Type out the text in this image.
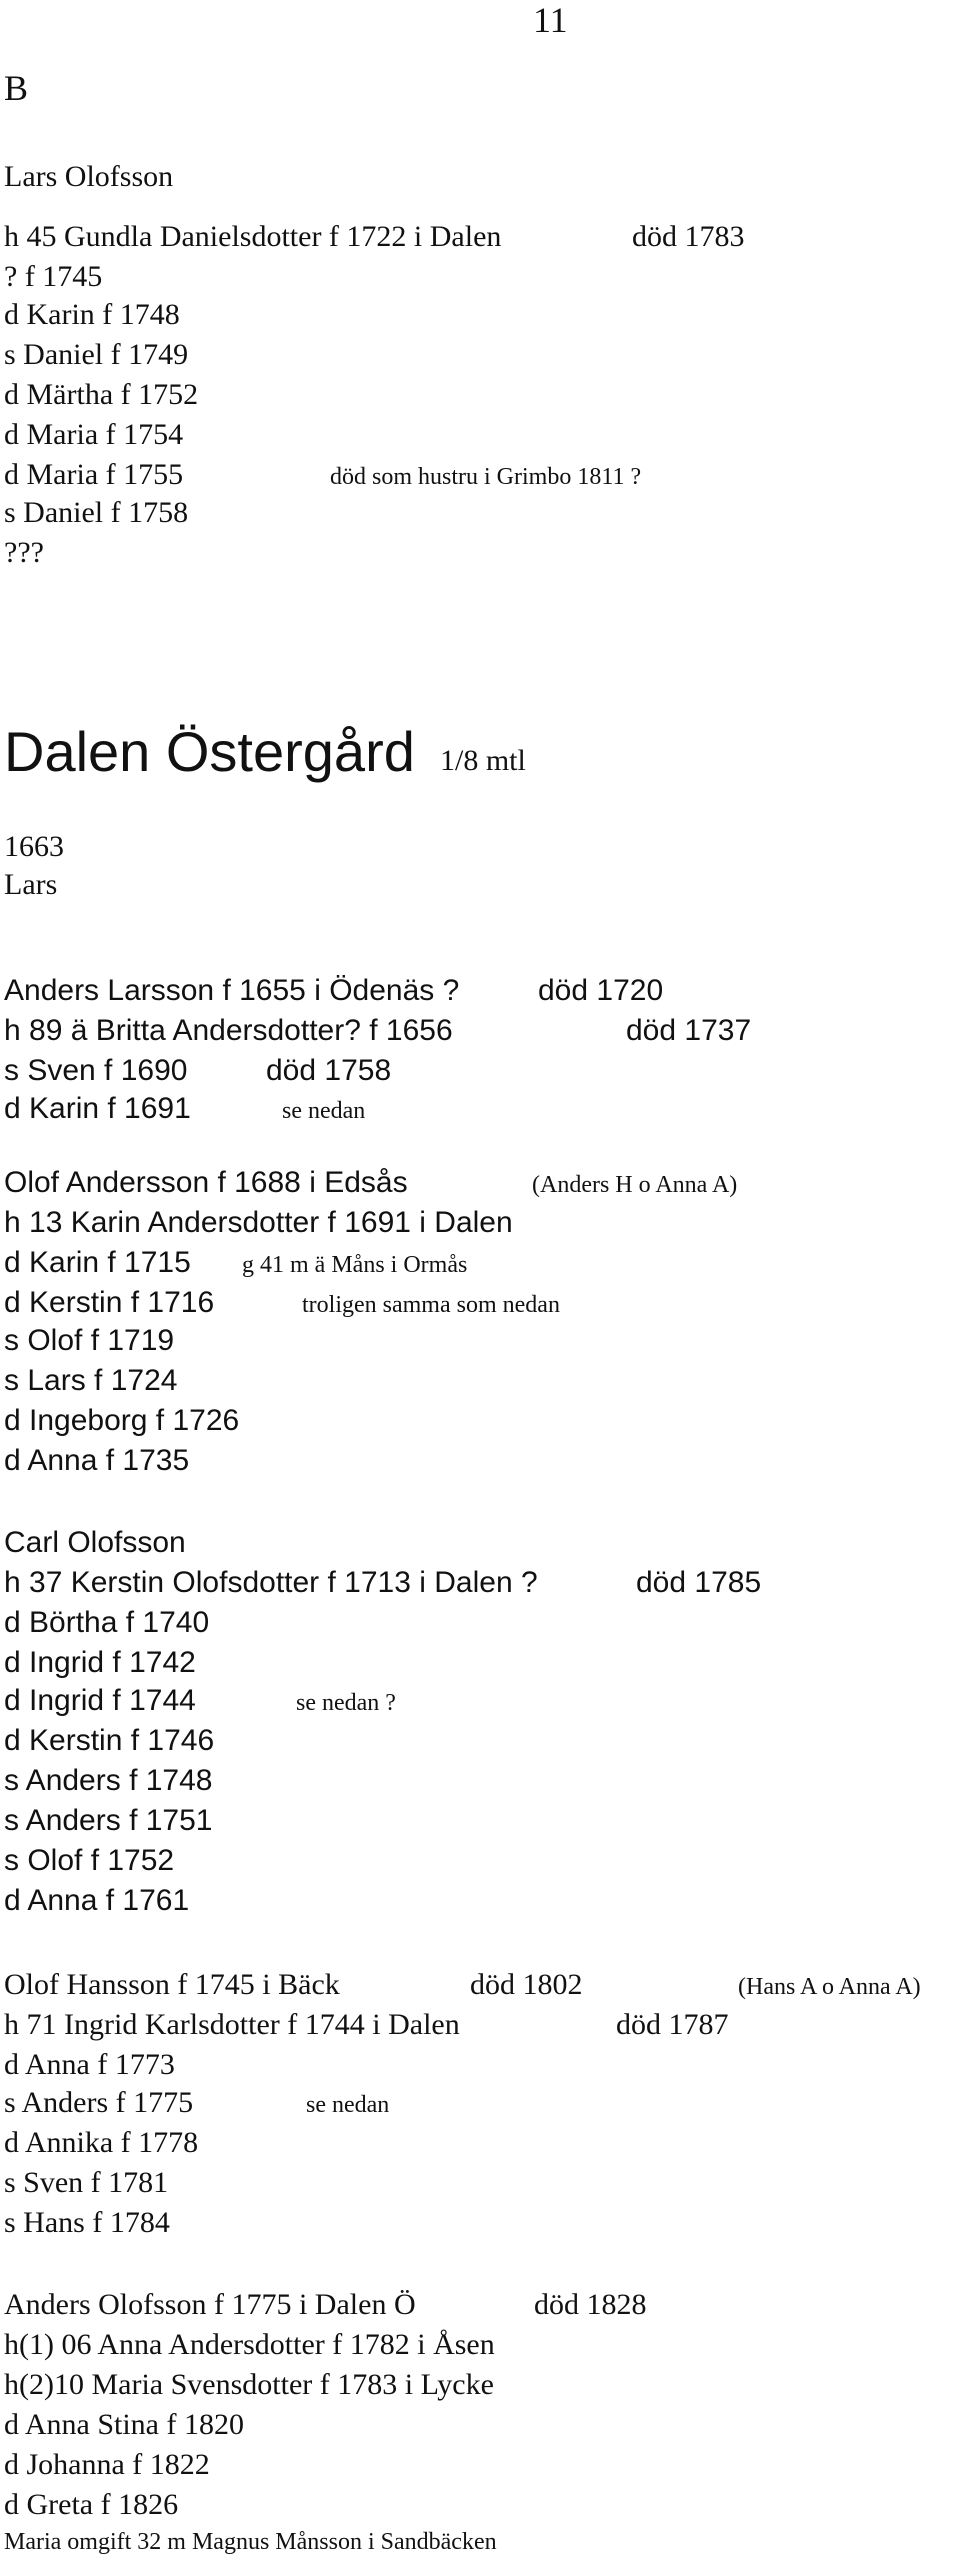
11
B
Lars Olofsson
h 45 Gundla Danielsdotter f 1722 i Dalen	död 1783
? f 1745
d Karin f 1748
s Daniel f 1749
d Märtha f 1752
d Maria f 1754
d Maria f 1755	död som hustru i Grimbo 1811 ?
s Daniel f 1758
???
Dalen Östergård 1/8 mtl
1663
Lars
Anders Larsson f 1655 i Ödenäs ?	död 1720
h 89 ä Britta Andersdotter? f 1656	död 1737
s Sven f 1690	död 1758
d Karin f 1691	se nedan
Olof Andersson f 1688 i Edsås	(Anders H o Anna A)
h 13 Karin Andersdotter f 1691 i Dalen
d Karin f 1715 g 41 m ä Måns i Ormås
d Kerstin f 1716	troligen samma som nedan
s Olof f 1719
s Lars f 1724
d Ingeborg f 1726
d Anna f 1735
Carl Olofsson
h 37 Kerstin Olofsdotter f 1713 i Dalen ?	död 1785
d Börtha f 1740
d Ingrid f 1742
d Ingrid f 1744	se nedan ?
d Kerstin f 1746
s Anders f 1748
s Anders f 1751
s Olof f 1752
d Anna f 1761
Olof Hansson f 1745 i Bäck	död 1802	(Hans A o Anna A)
h 71 Ingrid Karlsdotter f 1744 i Dalen	död 1787
d Anna f 1773
s Anders f 1775	se nedan
d Annika f 1778
s Sven f 1781
s Hans f 1784
Anders Olofsson f 1775 i Dalen Ö	död 1828
h(1) 06 Anna Andersdotter f 1782 i Åsen
h(2)10 Maria Svensdotter f 1783 i Lycke
d Anna Stina f 1820
d Johanna f 1822
d Greta f 1826
Maria omgift 32 m Magnus Månsson i Sandbäcken
